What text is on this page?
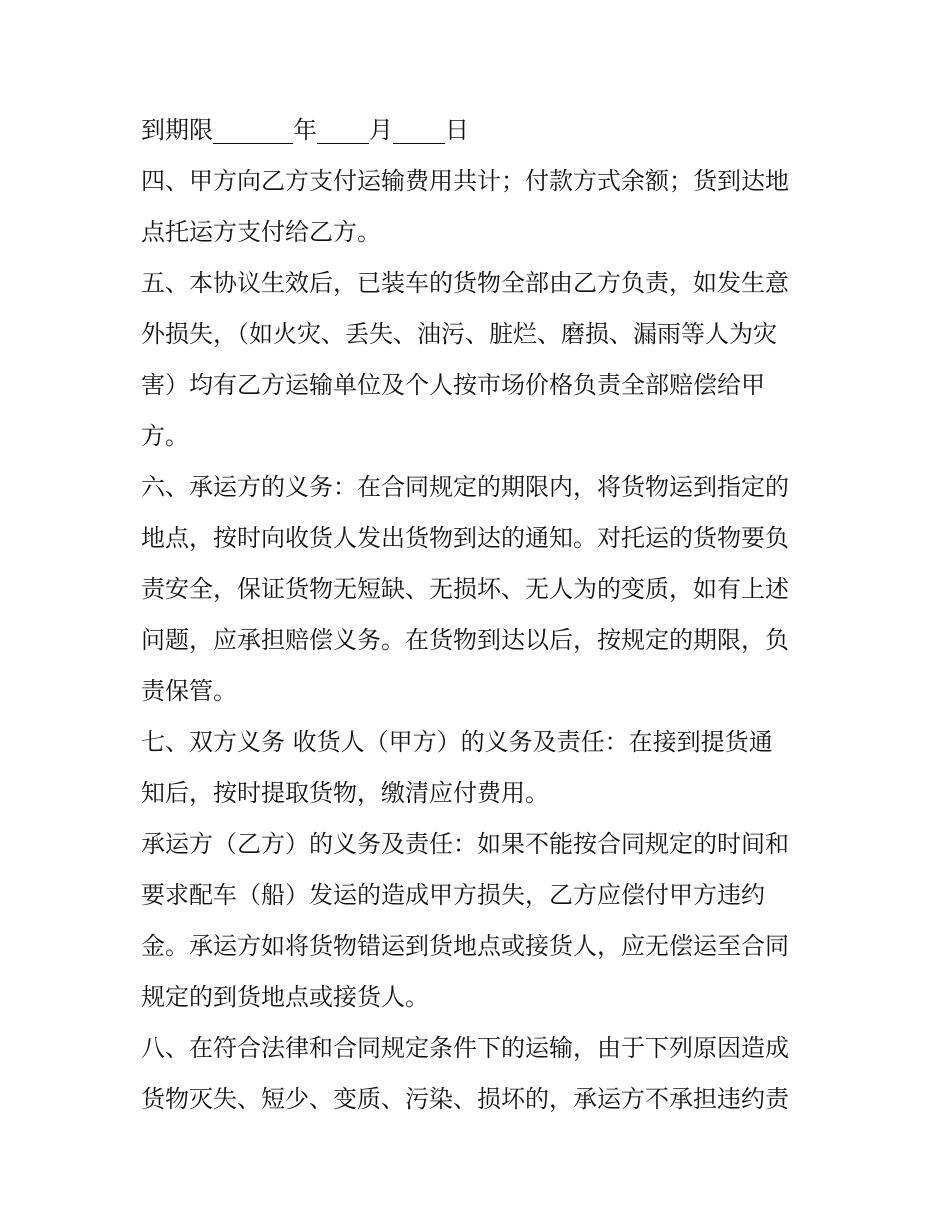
到期限	年 月 日
四、甲方向乙方支付运输费用共计；付款方式余额；货到达地
点托运方支付给乙方。
五、本协议生效后，已装车的货物全部由乙方负责，如发生意
外损失，（如火灾、丢失、油污、脏烂、磨损、漏雨等人为灾
害）均有乙方运输单位及个人按市场价格负责全部赔偿给甲
方。
六、承运方的义务：在合同规定的期限内，将货物运到指定的
地点，按时向收货人发出货物到达的通知。对托运的货物要负
责安全，保证货物无短缺、无损坏、无人为的变质，如有上述
问题，应承担赔偿义务。在货物到达以后，按规定的期限，负
责保管。
七、双方义务 收货人（甲方）的义务及责任：在接到提货通
知后，按时提取货物，缴清应付费用。
承运方（乙方）的义务及责任：如果不能按合同规定的时间和
要求配车（船）发运的造成甲方损失，乙方应偿付甲方违约
金。承运方如将货物错运到货地点或接货人，应无偿运至合同
规定的到货地点或接货人。
八、在符合法律和合同规定条件下的运输，由于下列原因造成
货物灭失、短少、变质、污染、损坏的，承运方不承担违约责
